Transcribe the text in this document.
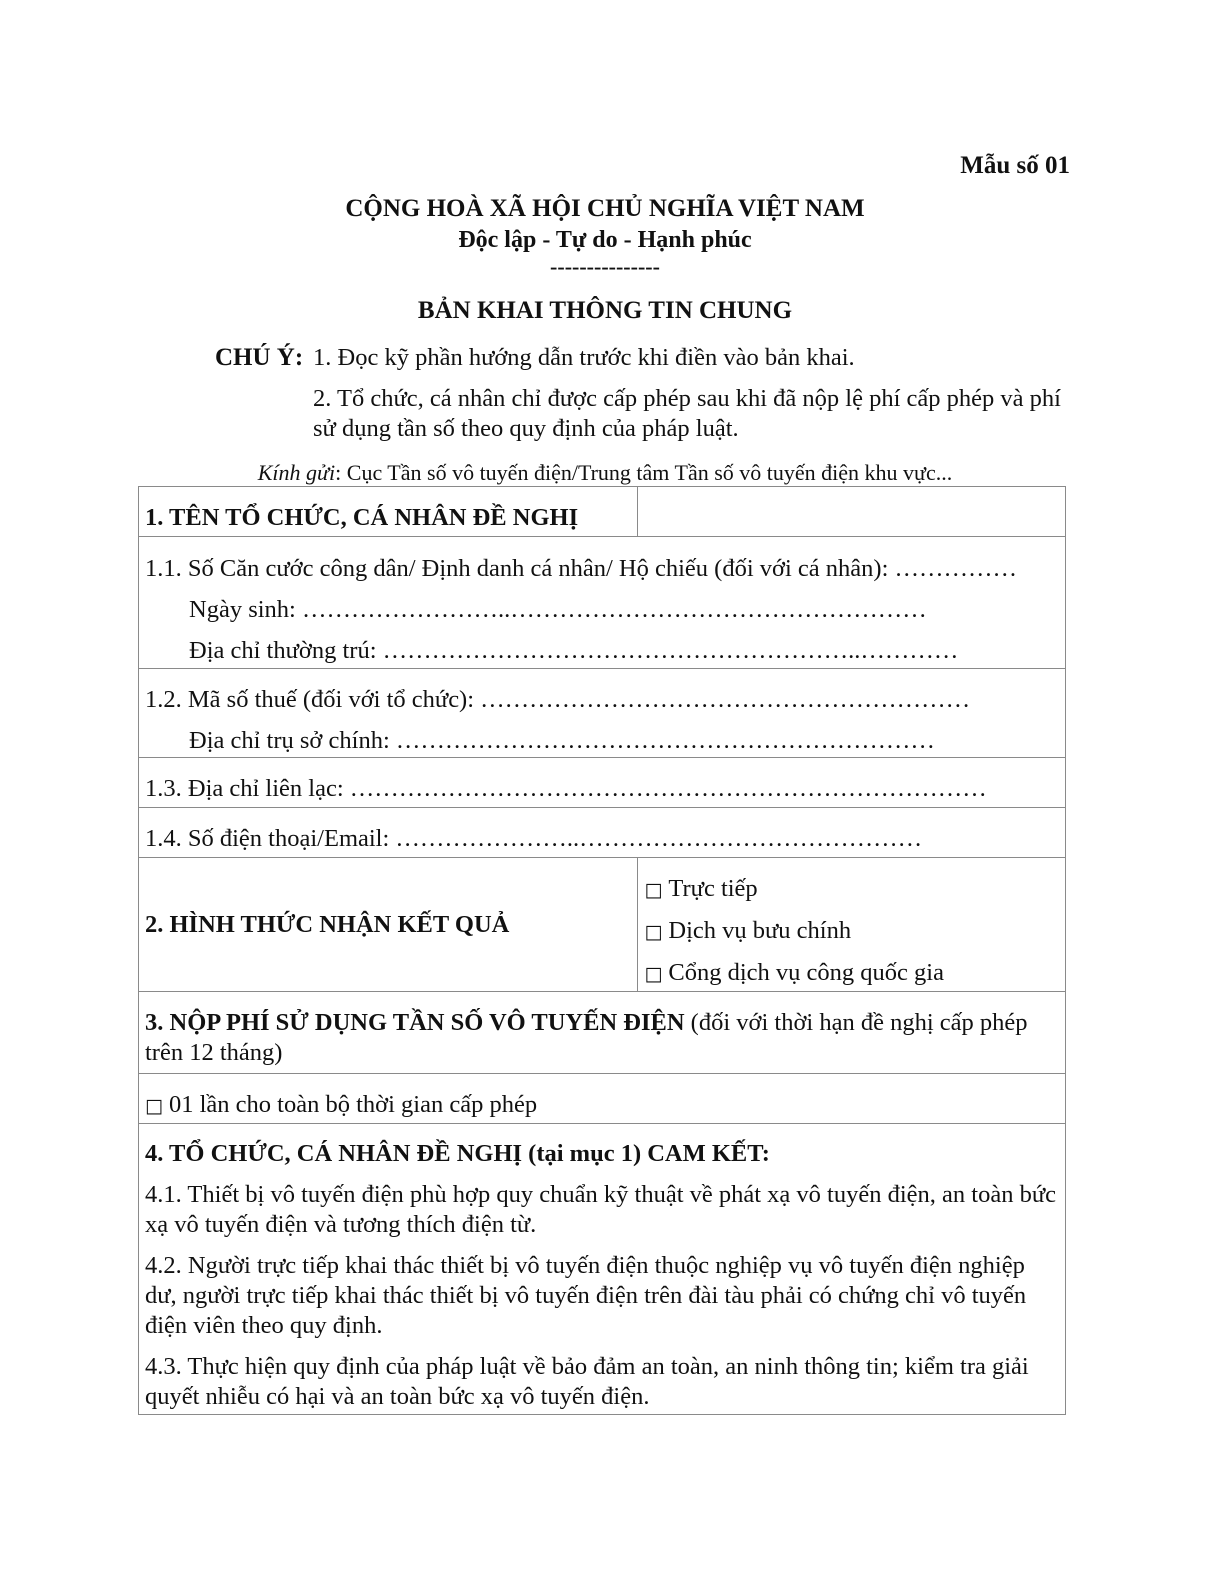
Mẫu số 01
CỘNG HOÀ XÃ HỘI CHỦ NGHĨA VIỆT NAM
Độc lập - Tự do - Hạnh phúc
---------------
BẢN KHAI THÔNG TIN CHUNG
CHÚ Ý: 1. Đọc kỹ phần hướng dẫn trước khi điền vào bản khai.
2. Tổ chức, cá nhân chỉ được cấp phép sau khi đã nộp lệ phí cấp phép và phí sử dụng tần số theo quy định của pháp luật.
Kính gửi: Cục Tần số vô tuyến điện/Trung tâm Tần số vô tuyến điện khu vực...
1. TÊN TỔ CHỨC, CÁ NHÂN ĐỀ NGHỊ	

1.1. Số Căn cước công dân/ Định danh cá nhân/ Hộ chiếu (đối với cá nhân): ……………
Ngày sinh: ……………………..……………………………………………
Địa chỉ thường trú: …………………………………………………..…………	

1.2. Mã số thuế (đối với tổ chức): ……………………………………………………
Địa chỉ trụ sở chính: …………………………………………………………	

1.3. Địa chỉ liên lạc: ……………………………………………………………………	

1.4. Số điện thoại/Email: …………………..……………………………………	

2. HÌNH THỨC NHẬN KẾT QUẢ	□ Trực tiếp
□ Dịch vụ bưu chính
□ Cổng dịch vụ công quốc gia

3. NỘP PHÍ SỬ DỤNG TẦN SỐ VÔ TUYẾN ĐIỆN (đối với thời hạn đề nghị cấp phép trên 12 tháng)	
□ 01 lần cho toàn bộ thời gian cấp phép	

4. TỔ CHỨC, CÁ NHÂN ĐỀ NGHỊ (tại mục 1) CAM KẾT:
4.1. Thiết bị vô tuyến điện phù hợp quy chuẩn kỹ thuật về phát xạ vô tuyến điện, an toàn bức xạ vô tuyến điện và tương thích điện từ.
4.2. Người trực tiếp khai thác thiết bị vô tuyến điện thuộc nghiệp vụ vô tuyến điện nghiệp dư, người trực tiếp khai thác thiết bị vô tuyến điện trên đài tàu phải có chứng chỉ vô tuyến điện viên theo quy định.
4.3. Thực hiện quy định của pháp luật về bảo đảm an toàn, an ninh thông tin; kiểm tra giải quyết nhiễu có hại và an toàn bức xạ vô tuyến điện.	
